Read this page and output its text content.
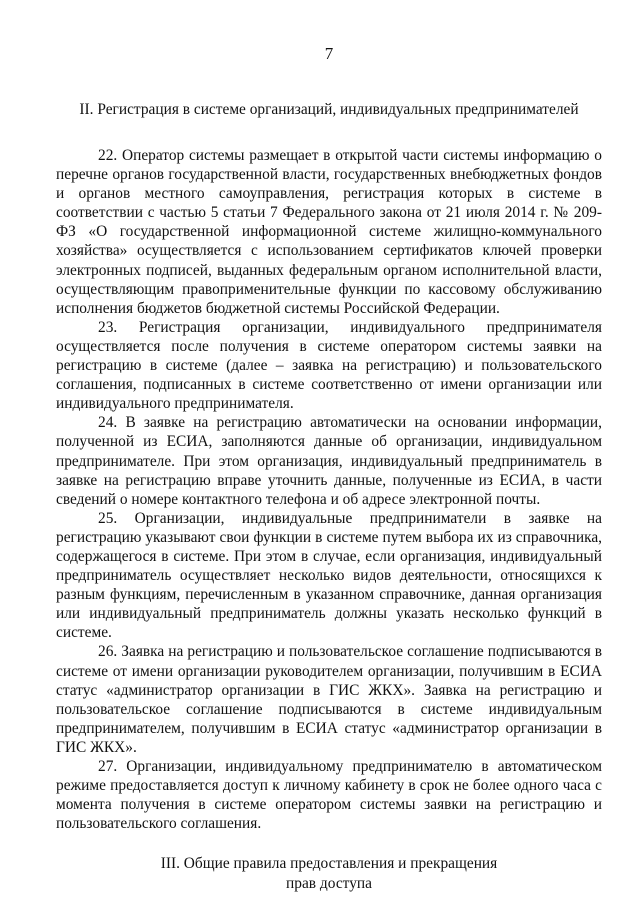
7
II. Регистрация в системе организаций, индивидуальных предпринимателей

22. Оператор системы размещает в открытой части системы информацию о перечне органов государственной власти, государственных внебюджетных фондов и органов местного самоуправления, регистрация которых в системе в соответствии с частью 5 статьи 7 Федерального закона от 21 июля 2014 г. № 209-ФЗ «О государственной информационной системе жилищно-коммунального хозяйства» осуществляется с использованием сертификатов ключей проверки электронных подписей, выданных федеральным органом исполнительной власти, осуществляющим правоприменительные функции по кассовому обслуживанию исполнения бюджетов бюджетной системы Российской Федерации.

23. Регистрация организации, индивидуального предпринимателя осуществляется после получения в системе оператором системы заявки на регистрацию в системе (далее – заявка на регистрацию) и пользовательского соглашения, подписанных в системе соответственно от имени организации или индивидуального предпринимателя.

24. В заявке на регистрацию автоматически на основании информации, полученной из ЕСИА, заполняются данные об организации, индивидуальном предпринимателе. При этом организация, индивидуальный предприниматель в заявке на регистрацию вправе уточнить данные, полученные из ЕСИА, в части сведений о номере контактного телефона и об адресе электронной почты.

25. Организации, индивидуальные предприниматели в заявке на регистрацию указывают свои функции в системе путем выбора их из справочника, содержащегося в системе. При этом в случае, если организация, индивидуальный предприниматель осуществляет несколько видов деятельности, относящихся к разным функциям, перечисленным в указанном справочнике, данная организация или индивидуальный предприниматель должны указать несколько функций в системе.

26. Заявка на регистрацию и пользовательское соглашение подписываются в системе от имени организации руководителем организации, получившим в ЕСИА статус «администратор организации в ГИС ЖКХ». Заявка на регистрацию и пользовательское соглашение подписываются в системе индивидуальным предпринимателем, получившим в ЕСИА статус «администратор организации в ГИС ЖКХ».

27. Организации, индивидуальному предпринимателю в автоматическом режиме предоставляется доступ к личному кабинету в срок не более одного часа с момента получения в системе оператором системы заявки на регистрацию и пользовательского соглашения.

III. Общие правила предоставления и прекращения
прав доступа
